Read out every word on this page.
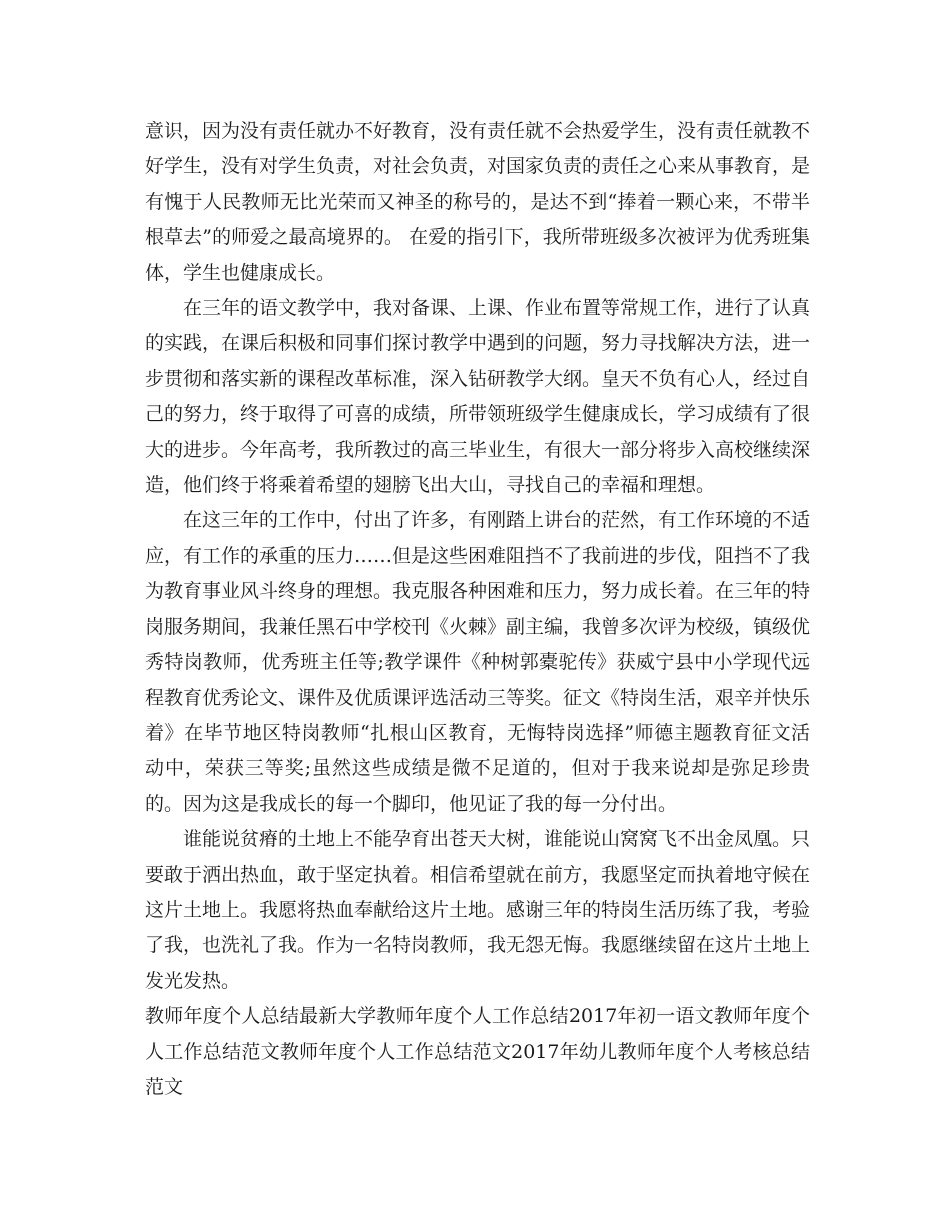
意识，因为没有责任就办不好教育，没有责任就不会热爱学生，没有责任就教不好学生，没有对学生负责，对社会负责，对国家负责的责任之心来从事教育，是有愧于人民教师无比光荣而又神圣的称号的，是达不到“捧着一颗心来，不带半根草去”的师爱之最高境界的。 在爱的指引下，我所带班级多次被评为优秀班集体，学生也健康成长。

在三年的语文教学中，我对备课、上课、作业布置等常规工作，进行了认真的实践，在课后积极和同事们探讨教学中遇到的问题，努力寻找解决方法，进一步贯彻和落实新的课程改革标准，深入钻研教学大纲。皇天不负有心人，经过自己的努力，终于取得了可喜的成绩，所带领班级学生健康成长，学习成绩有了很大的进步。今年高考，我所教过的高三毕业生，有很大一部分将步入高校继续深造，他们终于将乘着希望的翅膀飞出大山，寻找自己的幸福和理想。

在这三年的工作中，付出了许多，有刚踏上讲台的茫然，有工作环境的不适应，有工作的承重的压力……但是这些困难阻挡不了我前进的步伐，阻挡不了我为教育事业风斗终身的理想。我克服各种困难和压力，努力成长着。在三年的特岗服务期间，我兼任黑石中学校刊《火棘》副主编，我曾多次评为校级，镇级优秀特岗教师，优秀班主任等;教学课件《种树郭橐驼传》获威宁县中小学现代远程教育优秀论文、课件及优质课评选活动三等奖。征文《特岗生活，艰辛并快乐着》在毕节地区特岗教师“扎根山区教育，无悔特岗选择”师德主题教育征文活动中，荣获三等奖;虽然这些成绩是微不足道的，但对于我来说却是弥足珍贵的。因为这是我成长的每一个脚印，他见证了我的每一分付出。

谁能说贫瘠的土地上不能孕育出苍天大树，谁能说山窝窝飞不出金凤凰。只要敢于洒出热血，敢于坚定执着。相信希望就在前方，我愿坚定而执着地守候在这片土地上。我愿将热血奉献给这片土地。感谢三年的特岗生活历练了我，考验了我，也洗礼了我。作为一名特岗教师，我无怨无悔。我愿继续留在这片土地上发光发热。

教师年度个人总结最新大学教师年度个人工作总结2017年初一语文教师年度个人工作总结范文教师年度个人工作总结范文2017年幼儿教师年度个人考核总结范文
